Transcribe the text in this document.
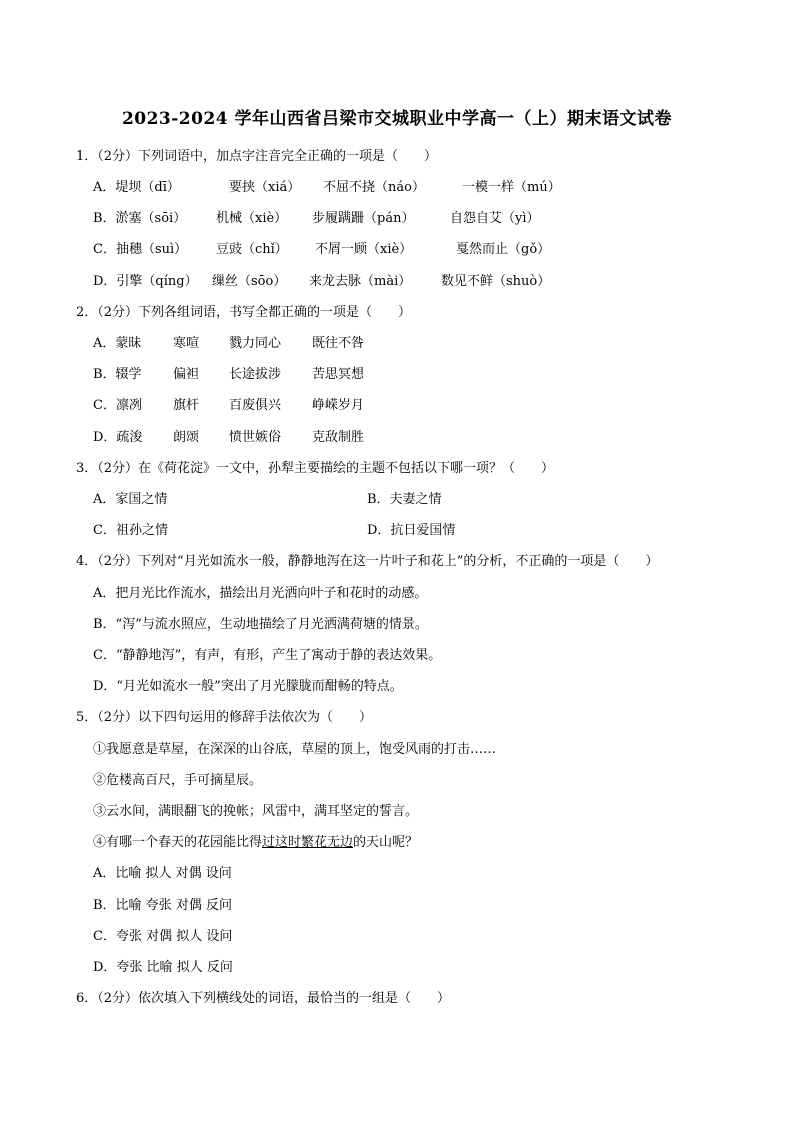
2023-2024 学年山西省吕梁市交城职业中学高一（上）期末语文试卷
1．（2分）下列词语中，加点字注音完全正确的一项是（　　）
A．堤坝（dī）	要挟（xiá） 不屈不挠（náo）	一模一样（mú）
B．淤塞（sōi） 机械（xiè） 步履蹒跚（pán）	自怨自艾（yì）
C．抽穗（suì） 豆豉（chǐ） 不屑一顾（xiè）	戛然而止（gǒ）
D．引擎（qíng） 缫丝（sōo） 来龙去脉（mài） 数见不鲜（shuò）
2．（2分）下列各组词语，书写全都正确的一项是（　　）
A．蒙昧 寒喧 戮力同心 既往不咎
B．辍学 偏袒 长途拔涉 苦思冥想
C．凛冽 旗杆 百废俱兴 峥嵘岁月
D．疏浚 朗颂 愤世嫉俗 克敌制胜
3．（2分）在《荷花淀》一文中，孙犁主要描绘的主题不包括以下哪一项？（　　）
A．家国之情	B．夫妻之情
C．祖孙之情	D．抗日爱国情
4．（2分）下列对“月光如流水一般，静静地泻在这一片叶子和花上”的分析，不正确的一项是（　　）
A．把月光比作流水，描绘出月光洒向叶子和花时的动感。
B．“泻”与流水照应，生动地描绘了月光洒满荷塘的情景。
C．“静静地泻”，有声，有形，产生了寓动于静的表达效果。
D．“月光如流水一般”突出了月光朦胧而酣畅的特点。
5．（2分）以下四句运用的修辞手法依次为（　　）
①我愿意是草屋，在深深的山谷底，草屋的顶上，饱受风雨的打击……
②危楼高百尺，手可摘星辰。
③云水间，满眼翻飞的挽帐；风雷中，满耳坚定的誓言。
④有哪一个春天的花园能比得过这时繁花无边的天山呢？
A．比喻 拟人 对偶 设问
B．比喻 夸张 对偶 反问
C．夸张 对偶 拟人 设问
D．夸张 比喻 拟人 反问
6．（2分）依次填入下列横线处的词语，最恰当的一组是（　　）
